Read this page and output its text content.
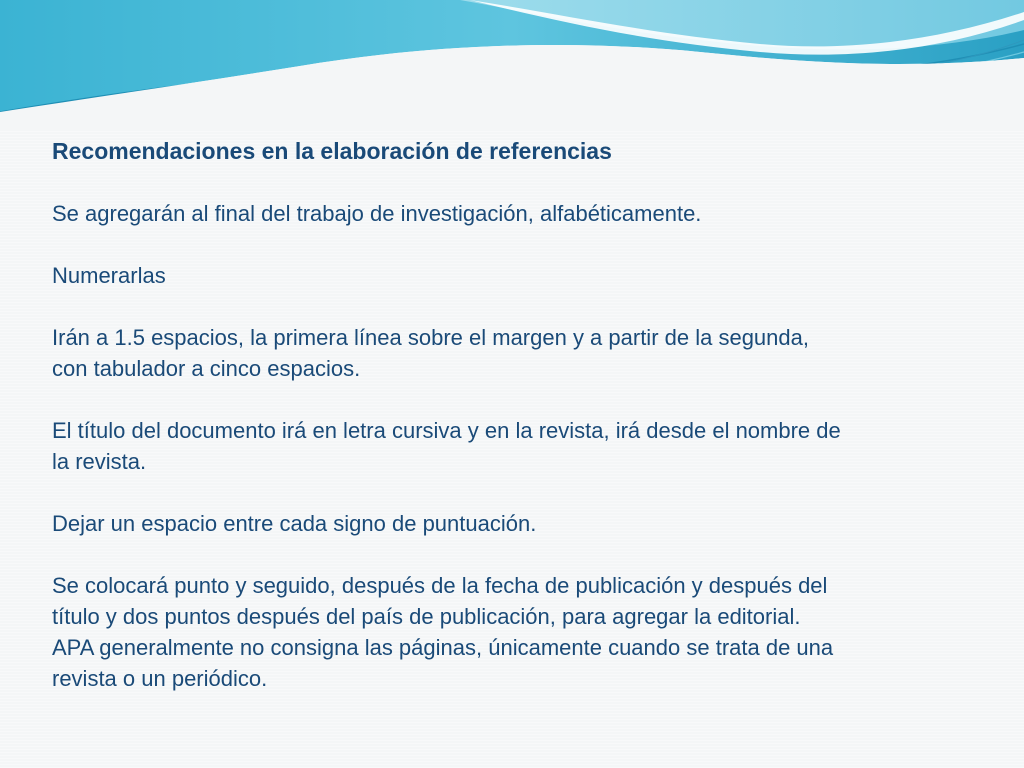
Recomendaciones en la elaboración de referencias
Se agregarán al final del trabajo de investigación, alfabéticamente.
Numerarlas
Irán a 1.5 espacios, la primera línea sobre el margen y a partir de la segunda,
con tabulador a cinco espacios.
El título del documento irá en letra cursiva y en la revista, irá desde el nombre de
la revista.
Dejar un espacio entre cada signo de puntuación.
Se colocará punto y seguido, después de la fecha de publicación y después del
título y dos puntos después del país de publicación, para agregar la editorial.
APA generalmente no consigna las páginas, únicamente cuando se trata de una
revista o un periódico.
